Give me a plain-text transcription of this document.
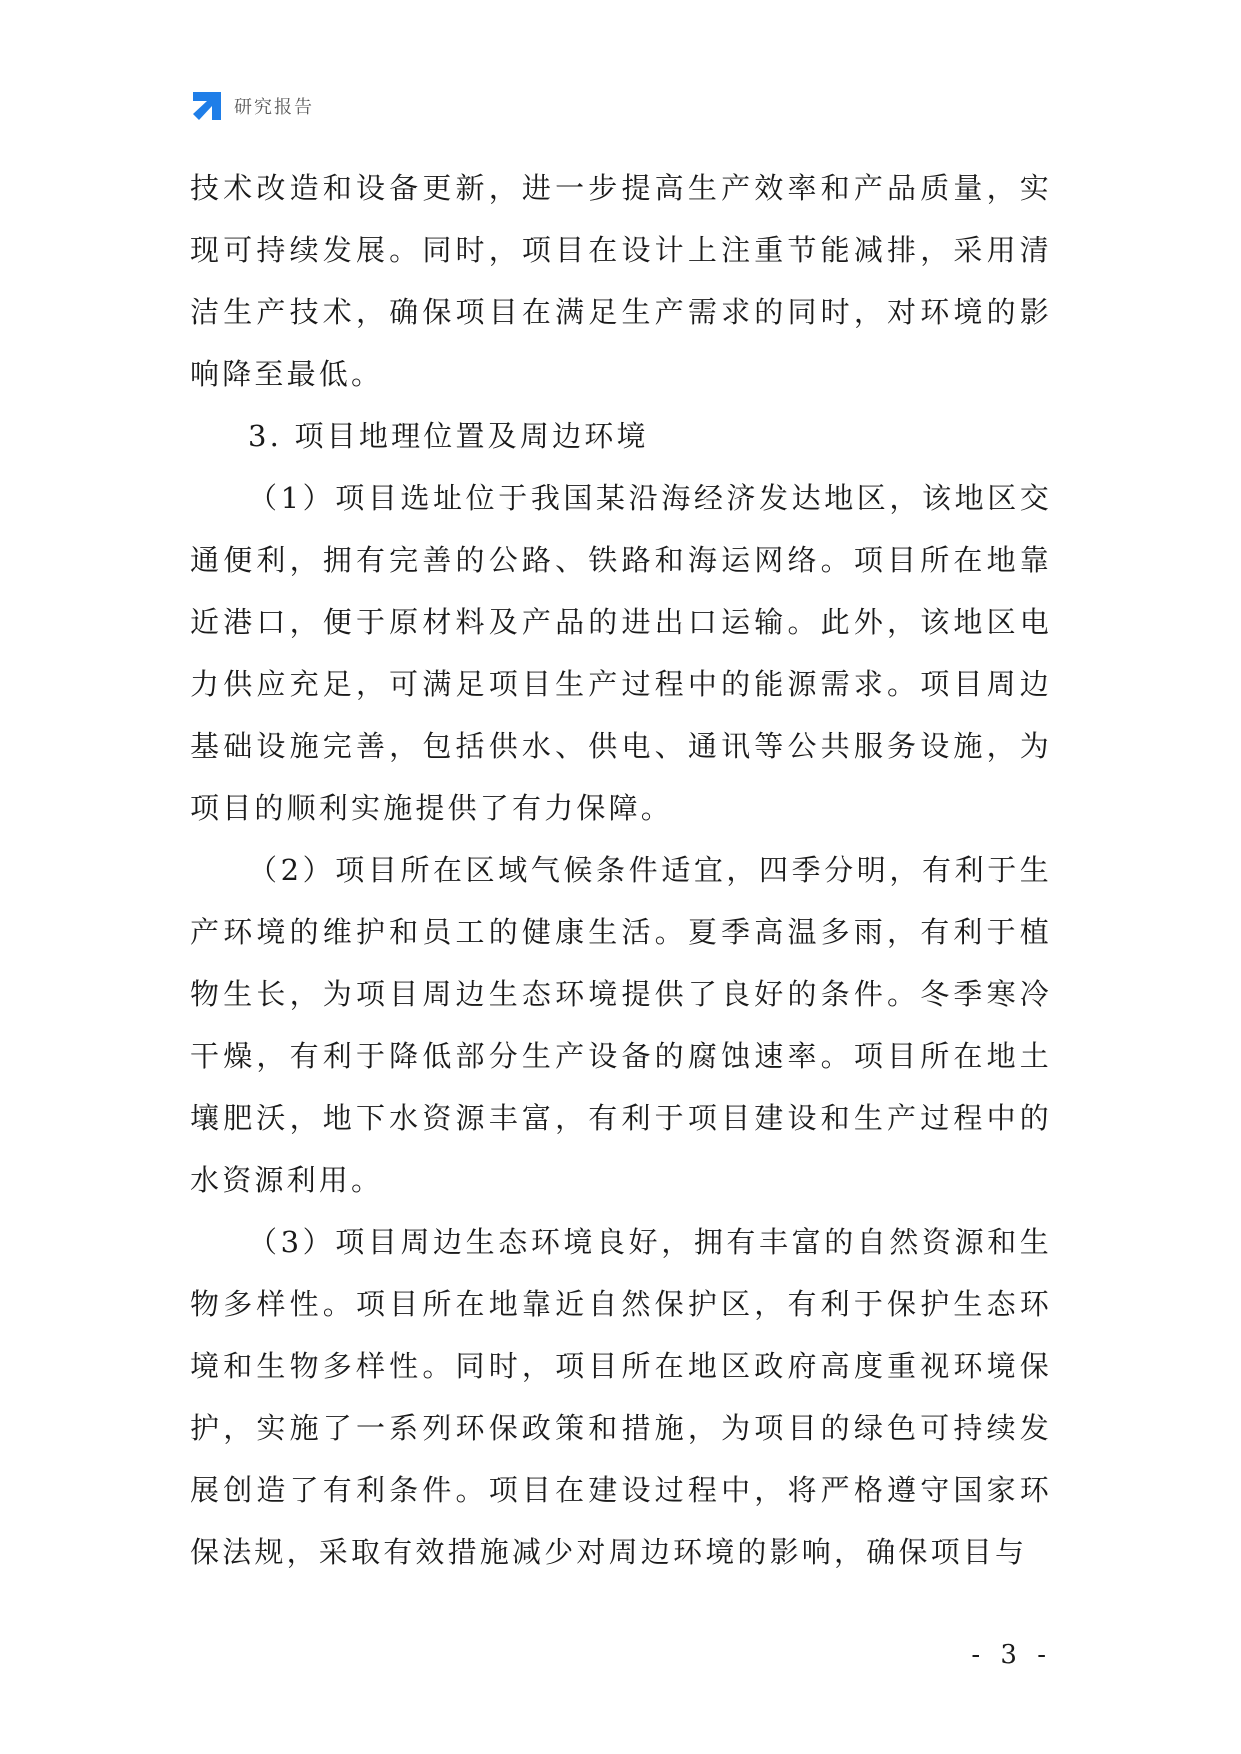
研究报告

技术改造和设备更新，进一步提高生产效率和产品质量，实现可持续发展。同时，项目在设计上注重节能减排，采用清洁生产技术，确保项目在满足生产需求的同时，对环境的影响降至最低。

3. 项目地理位置及周边环境

（1）项目选址位于我国某沿海经济发达地区，该地区交通便利，拥有完善的公路、铁路和海运网络。项目所在地靠近港口，便于原材料及产品的进出口运输。此外，该地区电力供应充足，可满足项目生产过程中的能源需求。项目周边基础设施完善，包括供水、供电、通讯等公共服务设施，为项目的顺利实施提供了有力保障。

（2）项目所在区域气候条件适宜，四季分明，有利于生产环境的维护和员工的健康生活。夏季高温多雨，有利于植物生长，为项目周边生态环境提供了良好的条件。冬季寒冷干燥，有利于降低部分生产设备的腐蚀速率。项目所在地土壤肥沃，地下水资源丰富，有利于项目建设和生产过程中的水资源利用。

（3）项目周边生态环境良好，拥有丰富的自然资源和生物多样性。项目所在地靠近自然保护区，有利于保护生态环境和生物多样性。同时，项目所在地区政府高度重视环境保护，实施了一系列环保政策和措施，为项目的绿色可持续发展创造了有利条件。项目在建设过程中，将严格遵守国家环保法规，采取有效措施减少对周边环境的影响，确保项目与

- 3 -
